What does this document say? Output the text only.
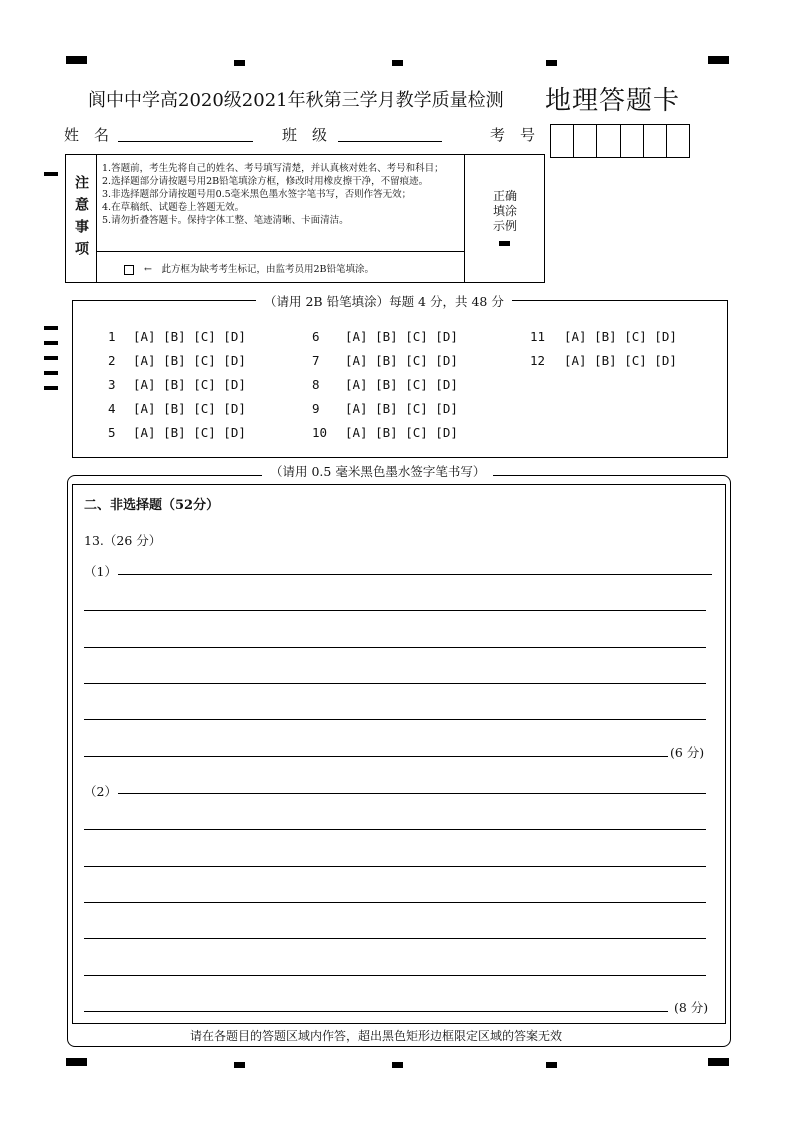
阆中中学高2020级2021年秋第三学月教学质量检测 地理答题卡
姓　名	班　级	考　号
注意事项
1.答题前，考生先将自己的姓名、考号填写清楚，并认真核对姓名、考号和科目；
2.选择题部分请按题号用2B铅笔填涂方框，修改时用橡皮擦干净，不留痕迹。
3.非选择题部分请按题号用0.5毫米黑色墨水签字笔书写，否则作答无效；
4.在草稿纸、试题卷上答题无效。
5.请勿折叠答题卡。保持字体工整、笔迹清晰、卡面清洁。
←　此方框为缺考考生标记，由监考员用2B铅笔填涂。
正确
填涂
示例
（请用 2B 铅笔填涂）每题 4 分，共 48 分
1 [A] [B] [C] [D]
2 [A] [B] [C] [D]
3 [A] [B] [C] [D]
4 [A] [B] [C] [D]
5 [A] [B] [C] [D]
6 [A] [B] [C] [D]
7 [A] [B] [C] [D]
8 [A] [B] [C] [D]
9 [A] [B] [C] [D]
10 [A] [B] [C] [D]
11 [A] [B] [C] [D]
12 [A] [B] [C] [D]
（请用 0.5 毫米黑色墨水签字笔书写）
二、非选择题（52分）
13.（26 分）
（1）
(6 分)
（2）
(8 分)
请在各题目的答题区域内作答，超出黑色矩形边框限定区域的答案无效
